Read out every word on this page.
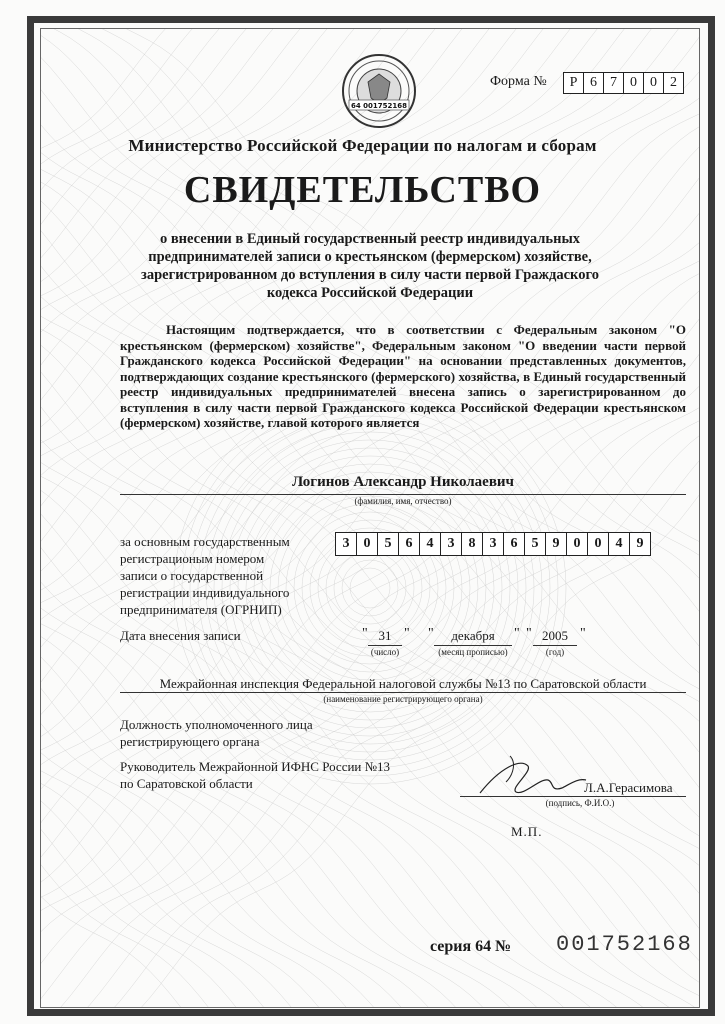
64 001752168
Форма №	Р 6 7 0 0 2
Министерство Российской Федерации по налогам и сборам
СВИДЕТЕЛЬСТВО
о внесении в Единый государственный реестр индивидуальных
предпринимателей записи о крестьянском (фермерском) хозяйстве,
зарегистрированном до вступления в силу части первой Граждаского
кодекса Российской Федерации
Настоящим подтверждается, что в соответствии с Федеральным законом "О крестьянском (фермерском) хозяйстве", Федеральным законом "О введении части первой Гражданского кодекса Российской Федерации" на основании представленных документов, подтверждающих создание крестьянского (фермерского) хозяйства, в Единый государственный реестр индивидуальных предпринимателей внесена запись о зарегистрированном до вступления в силу части первой Гражданского кодекса Российской Федерации крестьянском (фермерском) хозяйстве, главой которого является
Логинов Александр Николаевич
(фамилия, имя, отчество)
за основным государственным
регистрационым номером
записи о государственной
регистрации индивидуального
предпринимателя (ОГРНИП)
3	0	5	6	4	3	8	3	6	5	9	0	0	4	9
Дата внесения записи	" 31 "
(число)
"	декабря	"
(месяц прописью)
" 2005 "
(год)
Межрайонная инспекция Федеральной налоговой службы №13 по Саратовской области
(наименование регистрирующего органа)
Должность уполномоченного лица
регистрирующего органа
Руководитель Межрайонной ИФНС России №13
по Саратовской области	Л.А.Герасимова
(подпись, Ф.И.О.)
М.П.
серия 64 № 001752168
